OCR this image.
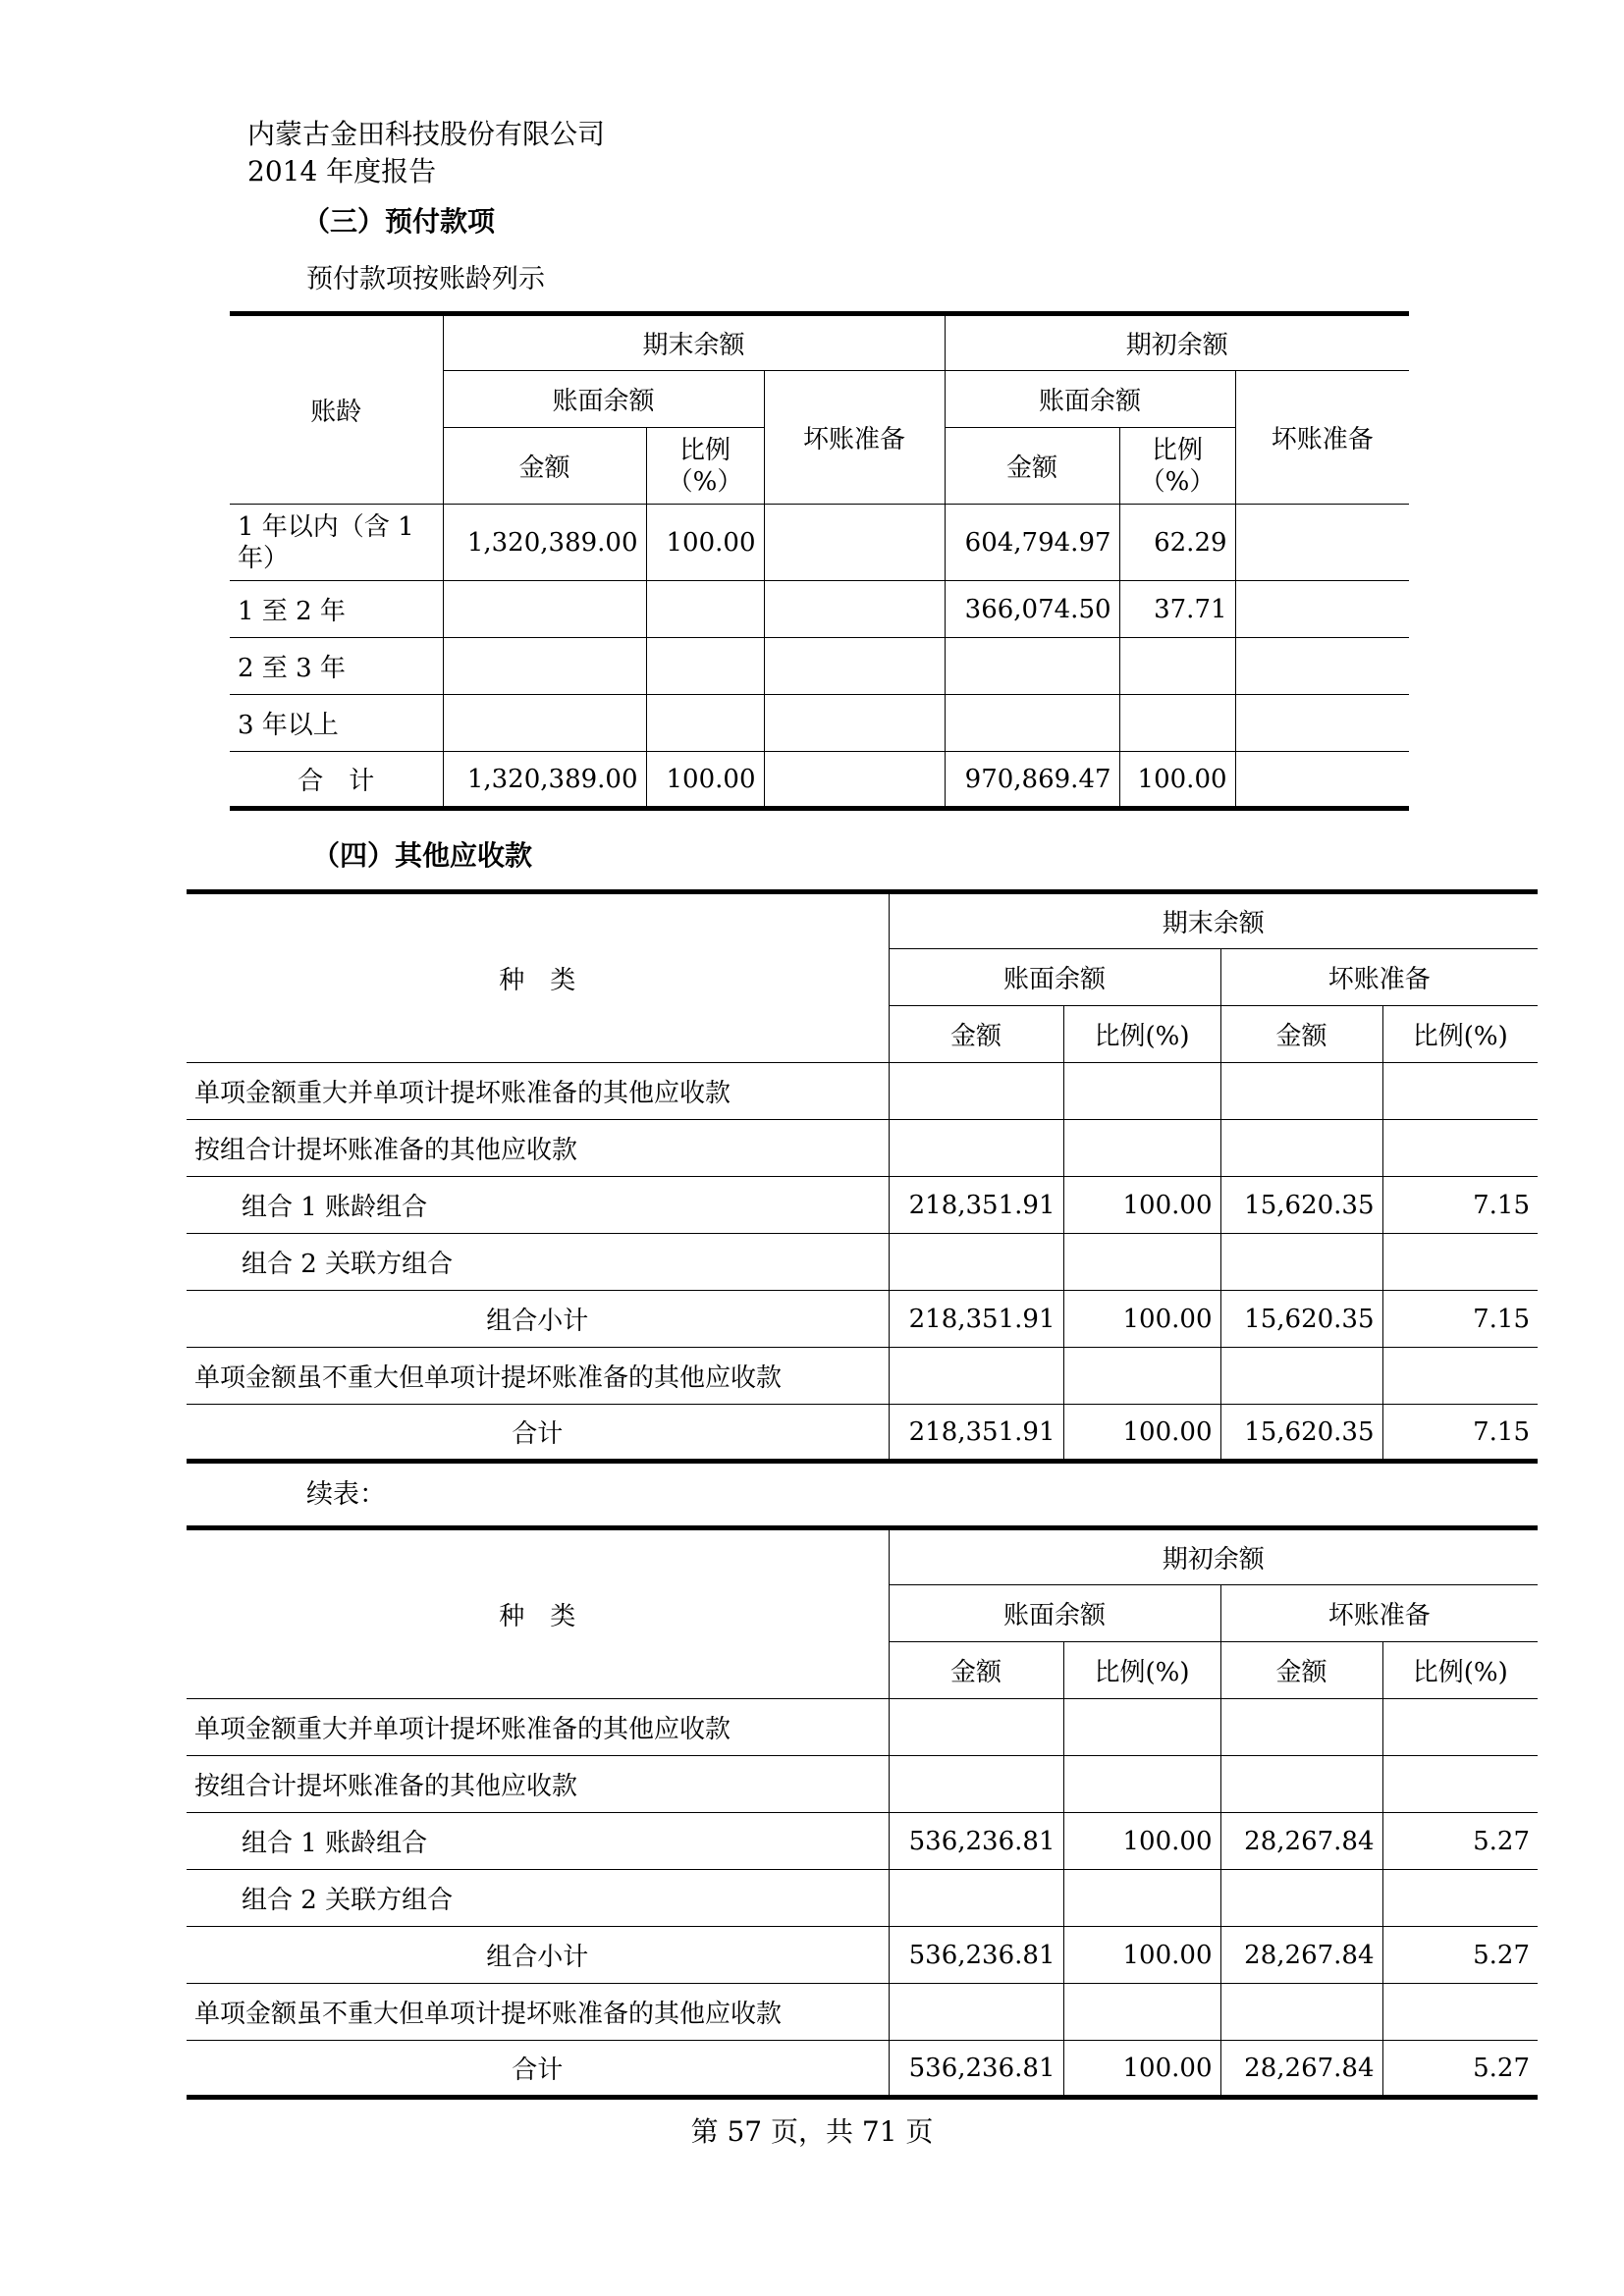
内蒙古金田科技股份有限公司
2014 年度报告
（三）预付款项
预付款项按账龄列示
账龄	期末余额			期初余额		
	账面余额		坏账准备	账面余额		坏账准备
	金额	比例（%）		金额	比例（%）	
1 年以内（含 1 年）	1,320,389.00	100.00		604,794.97	62.29	
1 至 2 年				366,074.50	37.71	
2 至 3 年						
3 年以上						
合　计	1,320,389.00	100.00		970,869.47	100.00	
（四）其他应收款
种　类	期末余额			
	账面余额		坏账准备	
	金额	比例(%)	金额	比例(%)
单项金额重大并单项计提坏账准备的其他应收款				
按组合计提坏账准备的其他应收款				
组合 1 账龄组合	218,351.91	100.00	15,620.35	7.15
组合 2 关联方组合				
组合小计	218,351.91	100.00	15,620.35	7.15
单项金额虽不重大但单项计提坏账准备的其他应收款				
合计	218,351.91	100.00	15,620.35	7.15
续表：
种　类	期初余额			
	账面余额		坏账准备	
	金额	比例(%)	金额	比例(%)
单项金额重大并单项计提坏账准备的其他应收款				
按组合计提坏账准备的其他应收款				
组合 1 账龄组合	536,236.81	100.00	28,267.84	5.27
组合 2 关联方组合				
组合小计	536,236.81	100.00	28,267.84	5.27
单项金额虽不重大但单项计提坏账准备的其他应收款				
合计	536,236.81	100.00	28,267.84	5.27
第 57 页，共 71 页
